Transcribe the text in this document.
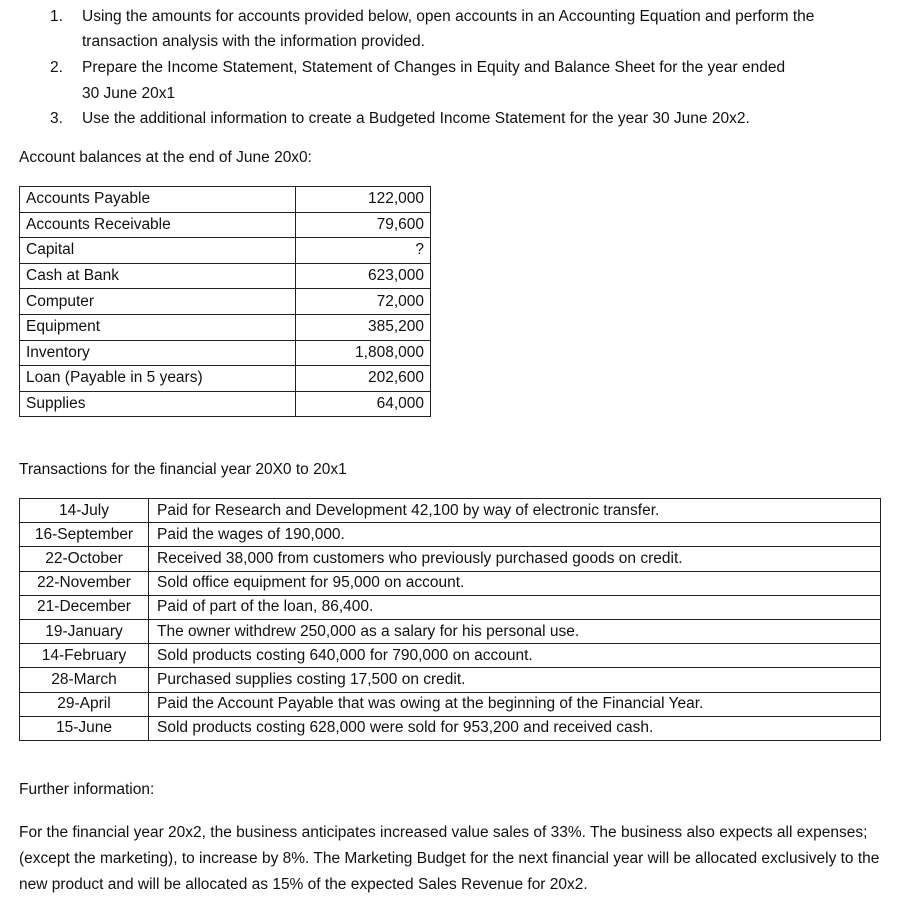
1. Using the amounts for accounts provided below, open accounts in an Accounting Equation and perform the
transaction analysis with the information provided.
2. Prepare the Income Statement, Statement of Changes in Equity and Balance Sheet for the year ended
30 June 20x1
3. Use the additional information to create a Budgeted Income Statement for the year 30 June 20x2.
Account balances at the end of June 20x0:
Accounts Payable	122,000
Accounts Receivable	79,600
Capital	?
Cash at Bank	623,000
Computer	72,000
Equipment	385,200
Inventory	1,808,000
Loan (Payable in 5 years)	202,600
Supplies	64,000
Transactions for the financial year 20X0 to 20x1
14-July	Paid for Research and Development 42,100 by way of electronic transfer.
16-September	Paid the wages of 190,000.
22-October	Received 38,000 from customers who previously purchased goods on credit.
22-November	Sold office equipment for 95,000 on account.
21-December	Paid of part of the loan, 86,400.
19-January	The owner withdrew 250,000 as a salary for his personal use.
14-February	Sold products costing 640,000 for 790,000 on account.
28-March	Purchased supplies costing 17,500 on credit.
29-April	Paid the Account Payable that was owing at the beginning of the Financial Year.
15-June	Sold products costing 628,000 were sold for 953,200 and received cash.
Further information:
For the financial year 20x2, the business anticipates increased value sales of 33%. The business also expects all expenses; (except the marketing), to increase by 8%. The Marketing Budget for the next financial year will be allocated exclusively to the new product and will be allocated as 15% of the expected Sales Revenue for 20x2.
